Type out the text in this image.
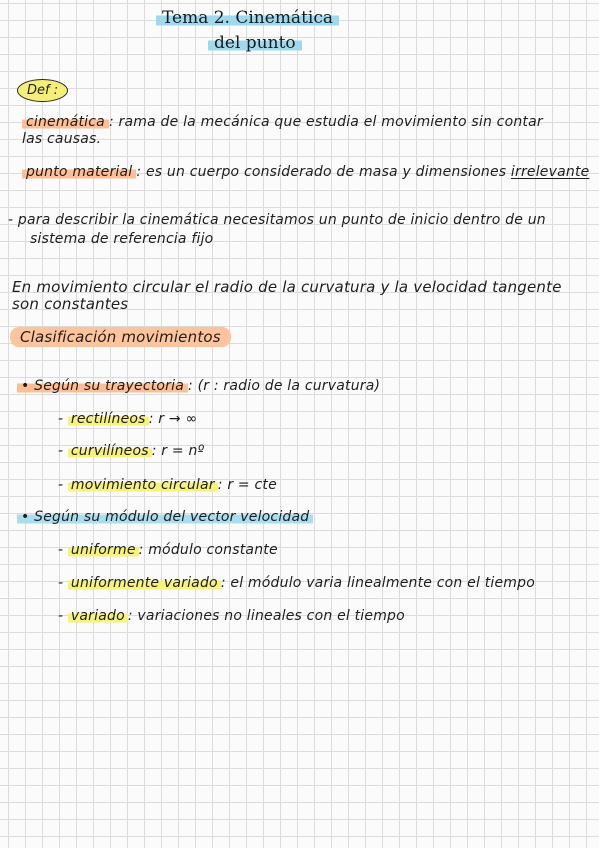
Tema 2. Cinemática
del punto
Def :
cinemática : rama de la mecánica que estudia el movimiento sin contar
las causas.
punto material : es un cuerpo considerado de masa y dimensiones irrelevante
- para describir la cinemática necesitamos un punto de inicio dentro de un
sistema de referencia fijo
En movimiento circular el radio de la curvatura y la velocidad tangente
son constantes
Clasificación movimientos
• Según su trayectoria : (r : radio de la curvatura)
- rectilíneos : r → ∞
- curvilíneos : r = nº
- movimiento circular : r = cte
• Según su módulo del vector velocidad
- uniforme : módulo constante
- uniformente variado : el módulo varia linealmente con el tiempo
- variado : variaciones no lineales con el tiempo
